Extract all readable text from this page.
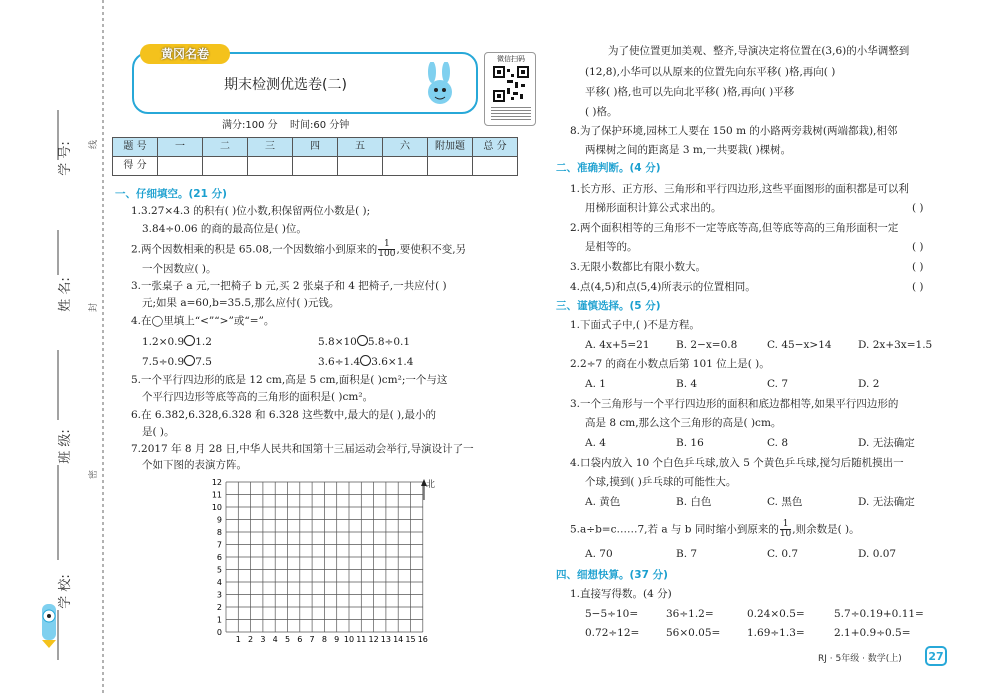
学 号:
姓 名:
班 级:
学 校:
线
封
密
期末检测优选卷(二)
黄冈名卷	微信扫码
满分:100 分 时间:60 分钟
题 号	一	二	三	四	五	六	附加题	总 分
得 分								
一、仔细填空。(21 分)
1.3.27×4.3 的积有( )位小数,积保留两位小数是( );
3.84÷0.06 的商的最高位是( )位。
2.两个因数相乘的积是 65.08,一个因数缩小到原来的 $\frac{1}{100}$ ,要使积不变,另
一个因数应( )。
3.一张桌子 a 元,一把椅子 b 元,买 2 张桌子和 4 把椅子,一共应付( )
元;如果 a=60,b=35.5,那么应付( )元钱。
4.在◯里填上“<”“>”或“=”。
1.2×0.9 1.2	5.8×10 5.8÷0.1
7.5÷0.9 7.5	3.6÷1.4 3.6×1.4
5.一个平行四边形的底是 12 cm,高是 5 cm,面积是( )cm²;一个与这
个平行四边形等底等高的三角形的面积是( )cm²。
6.在 6.382,6.328,6.328 和 6.328 这些数中,最大的是( ),最小的
是( )。
7.2017 年 8 月 28 日,中华人民共和国第十三届运动会举行,导演设计了一
个如下图的表演方阵。
1 2 3 4 5 6 7 8 9 10 11 12 13 14 15 16
0
1
2
3
4
5
6
7
8
9
10
11
12	北
为了使位置更加美观、整齐,导演决定将位置在(3,6)的小华调整到
(12,8),小华可以从原来的位置先向东平移( )格,再向( )
平移( )格,也可以先向北平移( )格,再向( )平移
( )格。
8.为了保护环境,园林工人要在 150 m 的小路两旁栽树(两端都栽),相邻
两棵树之间的距离是 3 m,一共要栽( )棵树。
二、准确判断。(4 分)
1.长方形、正方形、三角形和平行四边形,这些平面图形的面积都是可以利
用梯形面积计算公式求出的。	( )
2.两个面积相等的三角形不一定等底等高,但等底等高的三角形面积一定
是相等的。	( )
3.无限小数都比有限小数大。	( )
4.点(4,5)和点(5,4)所表示的位置相同。	( )
三、谨慎选择。(5 分)
1.下面式子中,( )不是方程。
A. 4x+5=21	B. 2−x=0.8	C. 45−x>14	D. 2x+3x=1.5
2.2÷7 的商在小数点后第 101 位上是( )。
A. 1	B. 4	C. 7	D. 2
3.一个三角形与一个平行四边形的面积和底边都相等,如果平行四边形的
高是 8 cm,那么这个三角形的高是( )cm。
A. 4	B. 16	C. 8	D. 无法确定
4.口袋内放入 10 个白色乒乓球,放入 5 个黄色乒乓球,搅匀后随机摸出一
个球,摸到( )乒乓球的可能性大。
A. 黄色	B. 白色	C. 黑色	D. 无法确定
5.a÷b=c……7,若 a 与 b 同时缩小到原来的 $\frac{1}{10}$ ,则余数是( )。
A. 70	B. 7	C. 0.7	D. 0.07
四、细想快算。(37 分)
1.直接写得数。(4 分)
5−5÷10=	36÷1.2=	0.24×0.5=	5.7÷0.19+0.11=
0.72÷12=	56×0.05=	1.69÷1.3=	2.1+0.9÷0.5=
RJ · 5年级 · 数学(上)	27
